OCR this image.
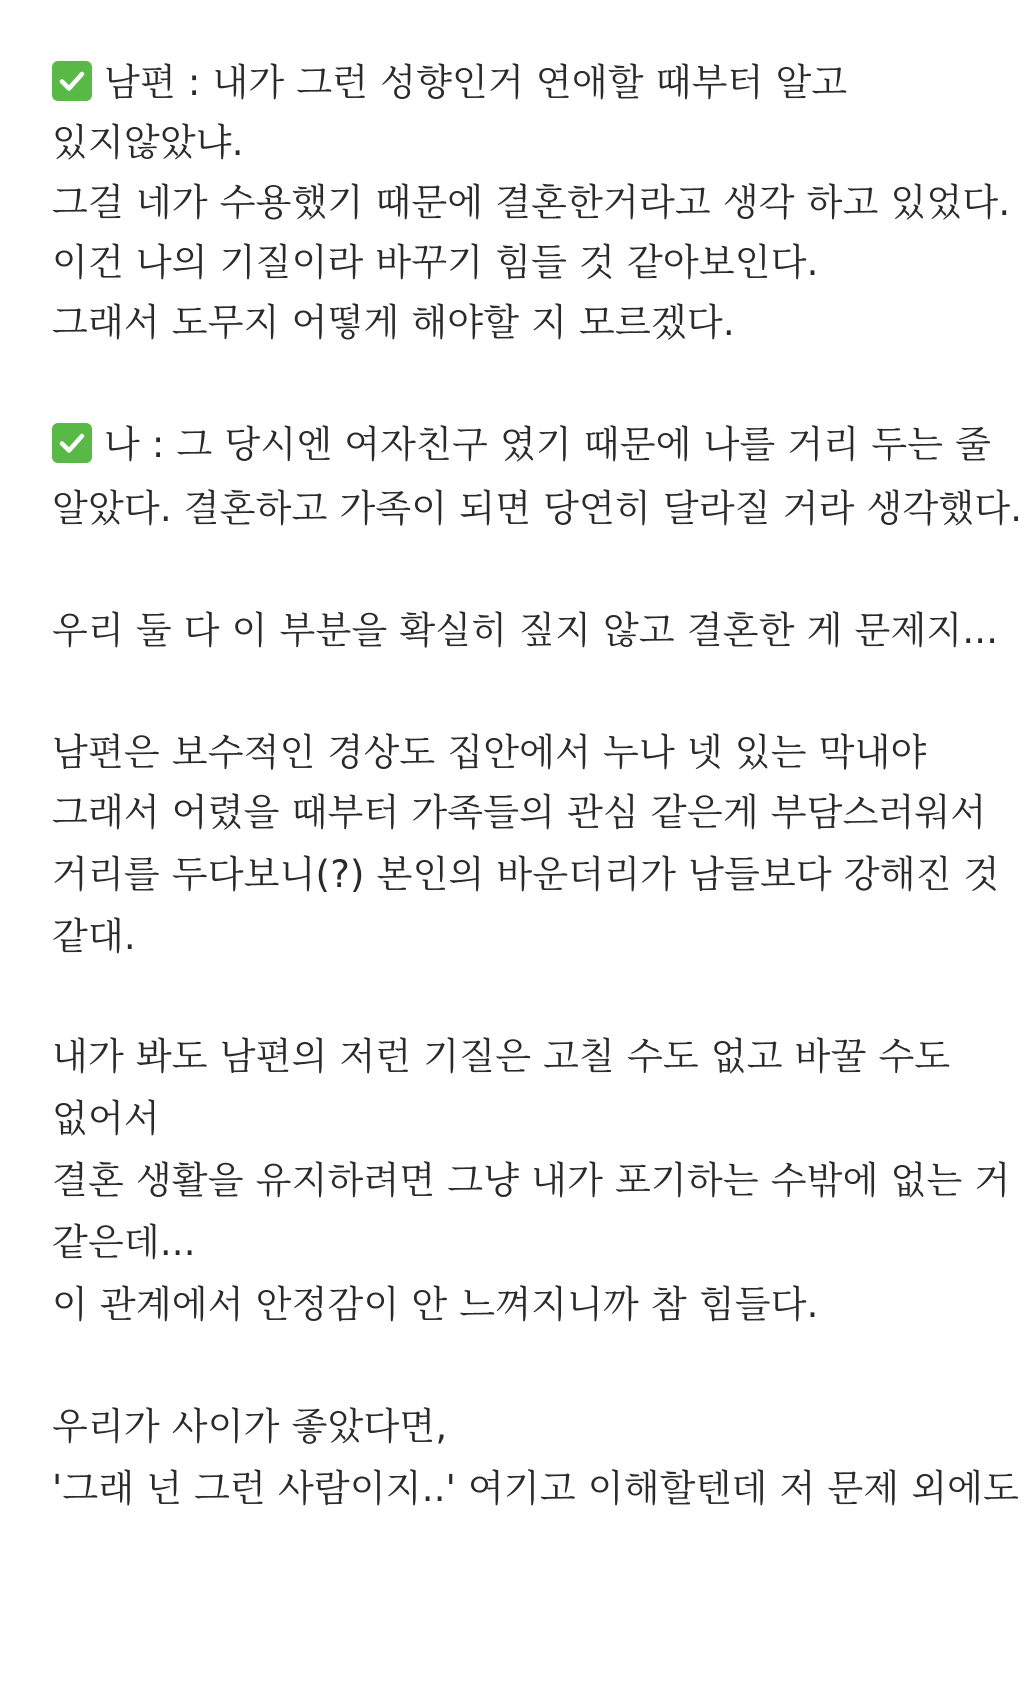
남편 : 내가 그런 성향인거 연애할 때부터 알고
있지않았냐.
그걸 네가 수용했기 때문에 결혼한거라고 생각 하고 있었다.
이건 나의 기질이라 바꾸기 힘들 것 같아보인다.
그래서 도무지 어떻게 해야할 지 모르겠다.
나 : 그 당시엔 여자친구 였기 때문에 나를 거리 두는 줄
알았다. 결혼하고 가족이 되면 당연히 달라질 거라 생각했다.
우리 둘 다 이 부분을 확실히 짚지 않고 결혼한 게 문제지...
남편은 보수적인 경상도 집안에서 누나 넷 있는 막내야
그래서 어렸을 때부터 가족들의 관심 같은게 부담스러워서
거리를 두다보니(?) 본인의 바운더리가 남들보다 강해진 것
같대.
내가 봐도 남편의 저런 기질은 고칠 수도 없고 바꿀 수도
없어서
결혼 생활을 유지하려면 그냥 내가 포기하는 수밖에 없는 거
같은데...
이 관계에서 안정감이 안 느껴지니까 참 힘들다.
우리가 사이가 좋았다면,
'그래 넌 그런 사람이지..' 여기고 이해할텐데 저 문제 외에도
